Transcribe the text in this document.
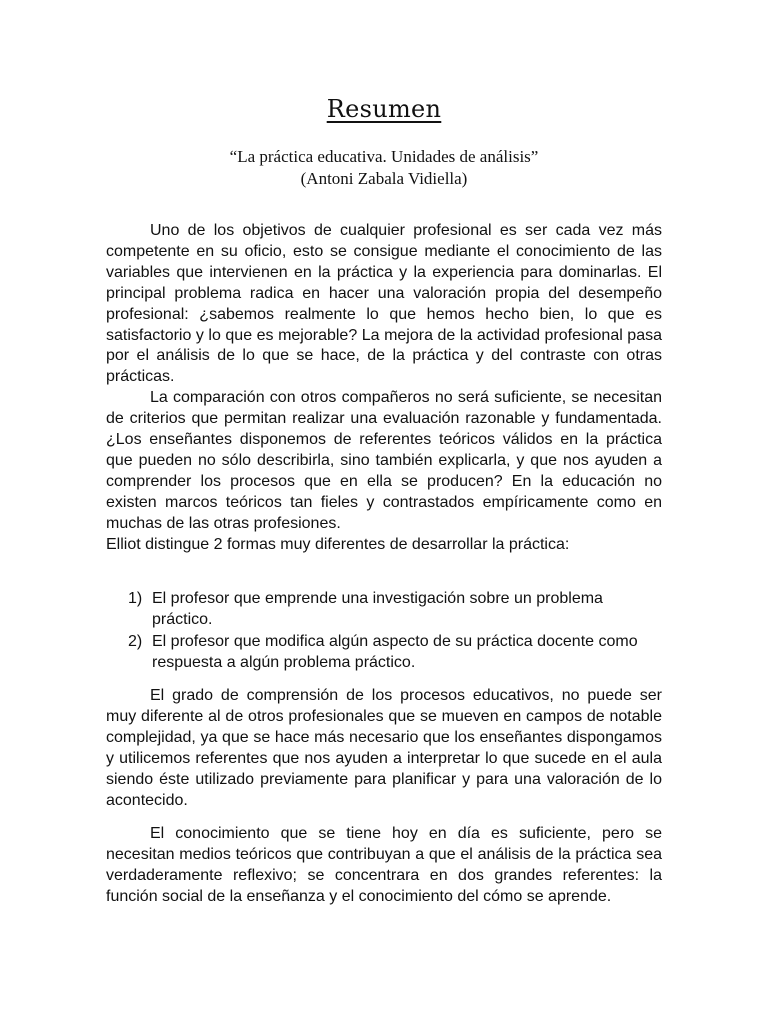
Resumen
“La práctica educativa. Unidades de análisis”
(Antoni Zabala Vidiella)

Uno de los objetivos de cualquier profesional es ser cada vez más competente en su oficio, esto se consigue mediante el conocimiento de las variables que intervienen en la práctica y la experiencia para dominarlas. El principal problema radica en hacer una valoración propia del desempeño profesional: ¿sabemos realmente lo que hemos hecho bien, lo que es satisfactorio y lo que es mejorable? La mejora de la actividad profesional pasa por el análisis de lo que se hace, de la práctica y del contraste con otras prácticas.

La comparación con otros compañeros no será suficiente, se necesitan de criterios que permitan realizar una evaluación razonable y fundamentada. ¿Los enseñantes disponemos de referentes teóricos válidos en la práctica que pueden no sólo describirla, sino también explicarla, y que nos ayuden a comprender los procesos que en ella se producen? En la educación no existen marcos teóricos tan fieles y contrastados empíricamente como en muchas de las otras profesiones.

Elliot distingue 2 formas muy diferentes de desarrollar la práctica:

1) El profesor que emprende una investigación sobre un problema práctico.
2) El profesor que modifica algún aspecto de su práctica docente como respuesta a algún problema práctico.

El grado de comprensión de los procesos educativos, no puede ser muy diferente al de otros profesionales que se mueven en campos de notable complejidad, ya que se hace más necesario que los enseñantes dispongamos y utilicemos referentes que nos ayuden a interpretar lo que sucede en el aula siendo éste utilizado previamente para planificar y para una valoración de lo acontecido.

El conocimiento que se tiene hoy en día es suficiente, pero se necesitan medios teóricos que contribuyan a que el análisis de la práctica sea verdaderamente reflexivo; se concentrara en dos grandes referentes: la función social de la enseñanza y el conocimiento del cómo se aprende.
